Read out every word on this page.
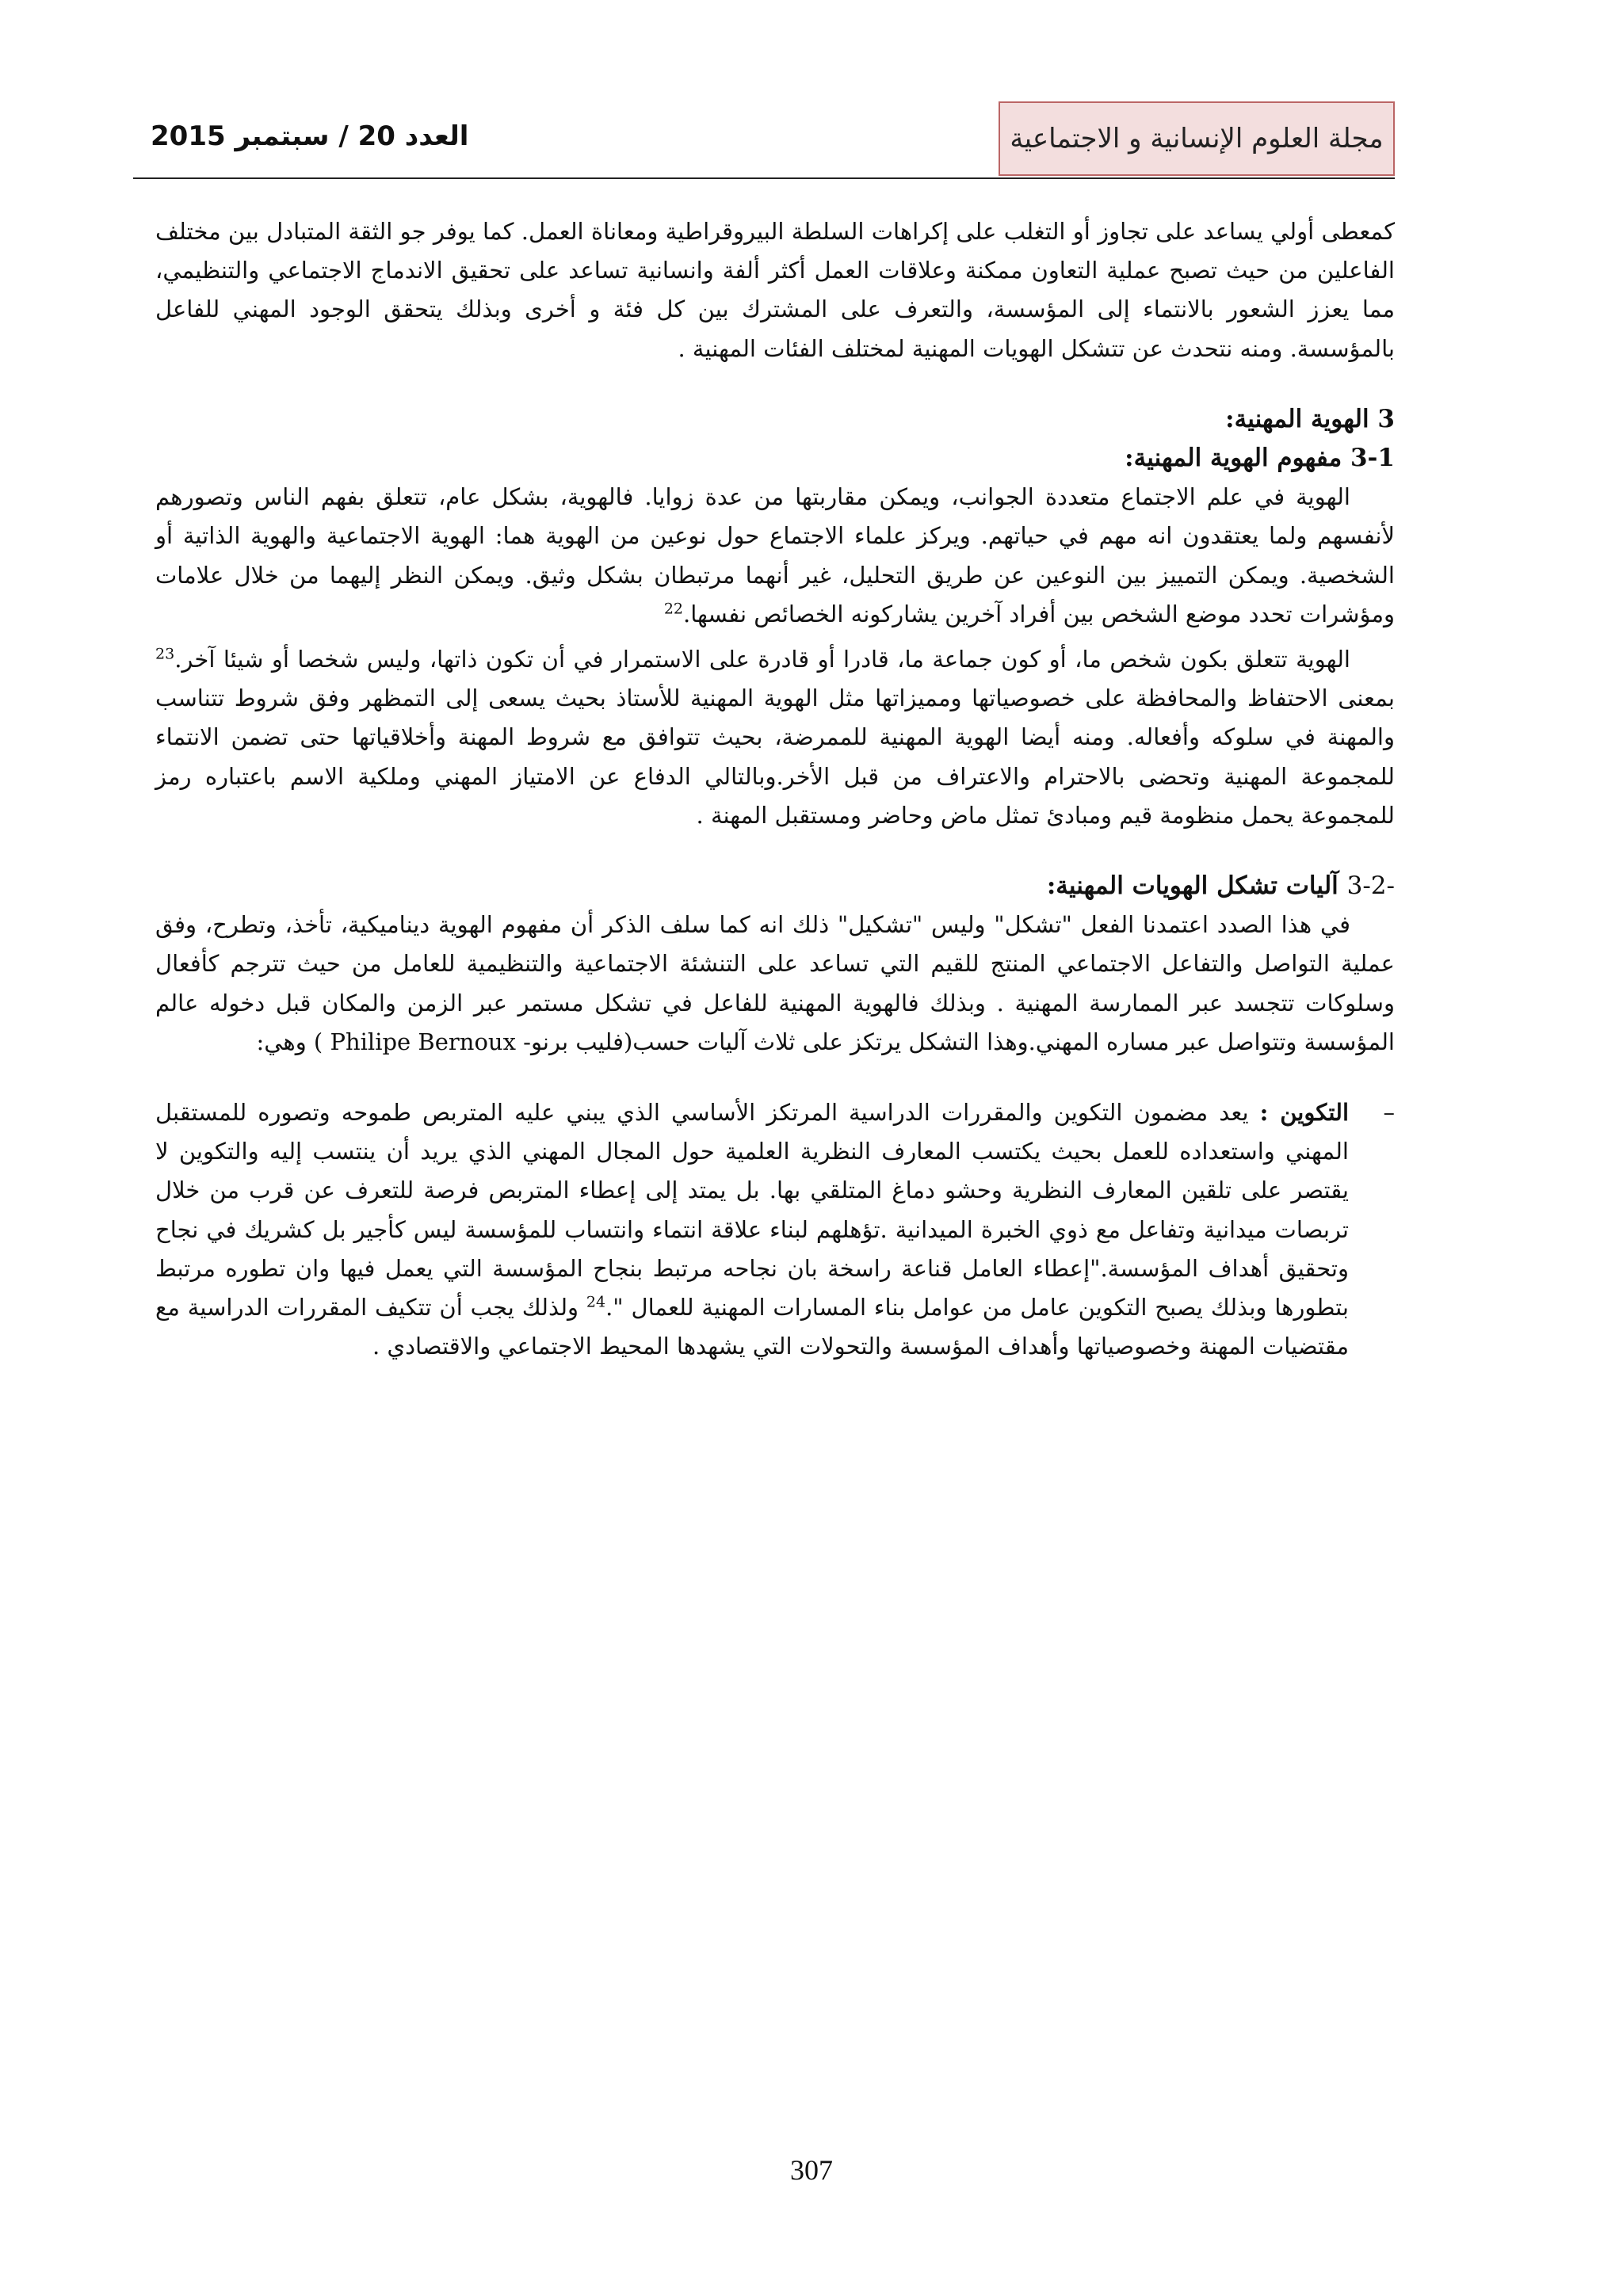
مجلة العلوم الإنسانية و الاجتماعية
العدد 20 / سبتمبر 2015

كمعطى أولي يساعد على تجاوز أو التغلب على إكراهات السلطة البيروقراطية ومعاناة العمل. كما يوفر جو الثقة المتبادل بين مختلف الفاعلين من حيث تصبح عملية التعاون ممكنة وعلاقات العمل أكثر ألفة وانسانية تساعد على تحقيق الاندماج الاجتماعي والتنظيمي، مما يعزز الشعور بالانتماء إلى المؤسسة، والتعرف على المشترك بين كل فئة و أخرى وبذلك يتحقق الوجود المهني للفاعل بالمؤسسة. ومنه نتحدث عن تتشكل الهويات المهنية لمختلف الفئات المهنية .

3 الهوية المهنية:

3-1 مفهوم الهوية المهنية:

الهوية في علم الاجتماع متعددة الجوانب، ويمكن مقاربتها من عدة زوايا. فالهوية، بشكل عام، تتعلق بفهم الناس وتصورهم لأنفسهم ولما يعتقدون انه مهم في حياتهم. ويركز علماء الاجتماع حول نوعين من الهوية هما: الهوية الاجتماعية والهوية الذاتية أو الشخصية. ويمكن التمييز بين النوعين عن طريق التحليل، غير أنهما مرتبطان بشكل وثيق. ويمكن النظر إليهما من خلال علامات ومؤشرات تحدد موضع الشخص بين أفراد آخرين يشاركونه الخصائص نفسها.$^{22}$

الهوية تتعلق بكون شخص ما، أو كون جماعة ما، قادرا أو قادرة على الاستمرار في أن تكون ذاتها، وليس شخصا أو شيئا آخر.$^{23}$ بمعنى الاحتفاظ والمحافظة على خصوصياتها ومميزاتها مثل الهوية المهنية للأستاذ بحيث يسعى إلى التمظهر وفق شروط تتناسب والمهنة في سلوكه وأفعاله. ومنه أيضا الهوية المهنية للممرضة، بحيث تتوافق مع شروط المهنة وأخلاقياتها حتى تضمن الانتماء للمجموعة المهنية وتحضى بالاحترام والاعتراف من قبل الأخر.وبالتالي الدفاع عن الامتياز المهني وملكية الاسم باعتباره رمز للمجموعة يحمل منظومة قيم ومبادئ تمثل ماض وحاضر ومستقبل المهنة .

-3-2 آليات تشكل الهويات المهنية:

في هذا الصدد اعتمدنا الفعل "تشكل" وليس "تشكيل" ذلك انه كما سلف الذكر أن مفهوم الهوية ديناميكية، تأخذ، وتطرح، وفق عملية التواصل والتفاعل الاجتماعي المنتج للقيم التي تساعد على التنشئة الاجتماعية والتنظيمية للعامل من حيث تترجم كأفعال وسلوكات تتجسد عبر الممارسة المهنية . وبذلك فالهوية المهنية للفاعل في تشكل مستمر عبر الزمن والمكان قبل دخوله عالم المؤسسة وتتواصل عبر مساره المهني.وهذا التشكل يرتكز على ثلاث آليات حسب(فليب برنو- Philipe Bernoux ) وهي:

–

التكوين : يعد مضمون التكوين والمقررات الدراسية المرتكز الأساسي الذي يبني عليه المتربص طموحه وتصوره للمستقبل المهني واستعداده للعمل بحيث يكتسب المعارف النظرية العلمية حول المجال المهني الذي يريد أن ينتسب إليه والتكوين لا يقتصر على تلقين المعارف النظرية وحشو دماغ المتلقي بها. بل يمتد إلى إعطاء المتربص فرصة للتعرف عن قرب من خلال تربصات ميدانية وتفاعل مع ذوي الخبرة الميدانية .تؤهلهم لبناء علاقة انتماء وانتساب للمؤسسة ليس كأجير بل كشريك في نجاح وتحقيق أهداف المؤسسة."إعطاء العامل قناعة راسخة بان نجاحه مرتبط بنجاح المؤسسة التي يعمل فيها وان تطوره مرتبط بتطورها وبذلك يصبح التكوين عامل من عوامل بناء المسارات المهنية للعمال ".$^{24}$ ولذلك يجب أن تتكيف المقررات الدراسية مع مقتضيات المهنة وخصوصياتها وأهداف المؤسسة والتحولات التي يشهدها المحيط الاجتماعي والاقتصادي .

307
